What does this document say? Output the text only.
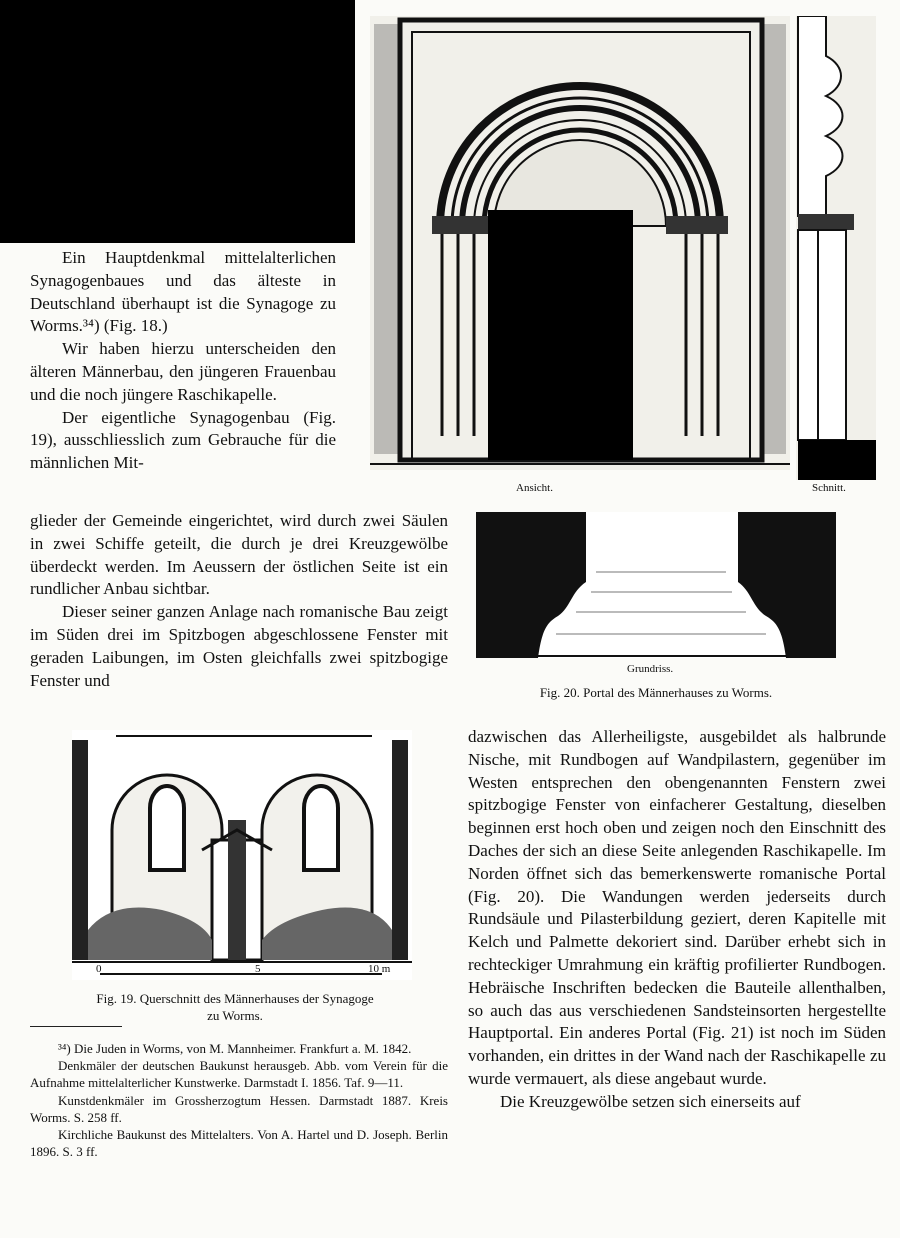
Ein Hauptdenkmal mittelalterlichen Synagogenbaues und das älteste in Deutschland überhaupt ist die Synagoge zu Worms.³⁴) (Fig. 18.)

Wir haben hierzu unterscheiden den älteren Männerbau, den jüngeren Frauenbau und die noch jüngere Raschikapelle.

Der eigentliche Synagogenbau (Fig. 19), ausschliesslich zum Gebrauche für die männlichen Mit-

glieder der Gemeinde eingerichtet, wird durch zwei Säulen in zwei Schiffe geteilt, die durch je drei Kreuzgewölbe überdeckt werden. Im Aeussern der östlichen Seite ist ein rundlicher Anbau sichtbar.

Dieser seiner ganzen Anlage nach romanische Bau zeigt im Süden drei im Spitzbogen abgeschlossene Fenster mit geraden Laibungen, im Osten gleichfalls zwei spitzbogige Fenster und

Ansicht.	Schnitt.
Grundriss.
Fig. 20. Portal des Männerhauses zu Worms.
0	5	10 m
Fig. 19. Querschnitt des Männerhauses der Synagoge
zu Worms.

³⁴) Die Juden in Worms, von M. Mannheimer. Frankfurt a. M. 1842.

Denkmäler der deutschen Baukunst herausgeb. Abb. vom Verein für die Aufnahme mittelalterlicher Kunstwerke. Darmstadt I. 1856. Taf. 9—11.

Kunstdenkmäler im Grossherzogtum Hessen. Darmstadt 1887. Kreis Worms. S. 258 ff.

Kirchliche Baukunst des Mittelalters. Von A. Hartel und D. Joseph. Berlin 1896. S. 3 ff.

dazwischen das Allerheiligste, ausgebildet als halbrunde Nische, mit Rundbogen auf Wandpilastern, gegenüber im Westen entsprechen den obengenannten Fenstern zwei spitzbogige Fenster von einfacherer Gestaltung, dieselben beginnen erst hoch oben und zeigen noch den Einschnitt des Daches der sich an diese Seite anlegenden Raschikapelle. Im Norden öffnet sich das bemerkenswerte romanische Portal (Fig. 20). Die Wandungen werden jederseits durch Rundsäule und Pilasterbildung geziert, deren Kapitelle mit Kelch und Palmette dekoriert sind. Darüber erhebt sich in rechteckiger Umrahmung ein kräftig profilierter Rundbogen. Hebräische Inschriften bedecken die Bauteile allenthalben, so auch das aus verschiedenen Sandsteinsorten hergestellte Hauptportal. Ein anderes Portal (Fig. 21) ist noch im Süden vorhanden, ein drittes in der Wand nach der Raschikapelle zu wurde vermauert, als diese angebaut wurde.

Die Kreuzgewölbe setzen sich einerseits auf
